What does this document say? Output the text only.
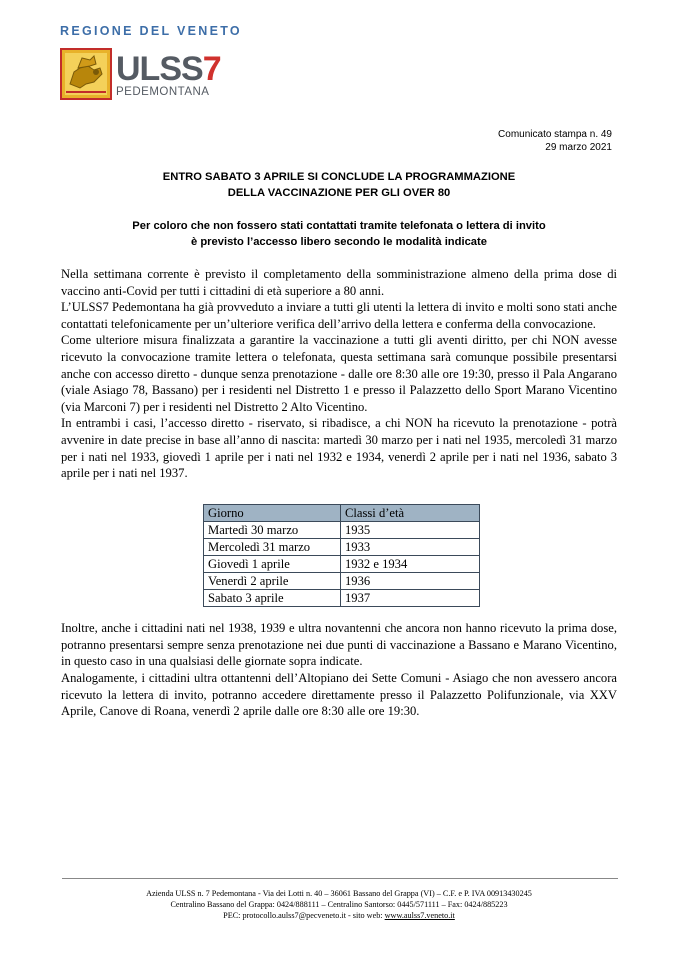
REGIONE DEL VENETO
ULSS7
PEDEMONTANA
Comunicato stampa n. 49
29 marzo 2021
ENTRO SABATO 3 APRILE SI CONCLUDE LA PROGRAMMAZIONE
DELLA VACCINAZIONE PER GLI OVER 80
Per coloro che non fossero stati contattati tramite telefonata o lettera di invito
è previsto l’accesso libero secondo le modalità indicate

Nella settimana corrente è previsto il completamento della somministrazione almeno della prima dose di vaccino anti-Covid per tutti i cittadini di età superiore a 80 anni.

L’ULSS7 Pedemontana ha già provveduto a inviare a tutti gli utenti la lettera di invito e molti sono stati anche contattati telefonicamente per un’ulteriore verifica dell’arrivo della lettera e conferma della convocazione.

Come ulteriore misura finalizzata a garantire la vaccinazione a tutti gli aventi diritto, per chi NON avesse ricevuto la convocazione tramite lettera o telefonata, questa settimana sarà comunque possibile presentarsi anche con accesso diretto - dunque senza prenotazione - dalle ore 8:30 alle ore 19:30, presso il Pala Angarano (viale Asiago 78, Bassano) per i residenti nel Distretto 1 e presso il Palazzetto dello Sport Marano Vicentino (via Marconi 7) per i residenti nel Distretto 2 Alto Vicentino.

In entrambi i casi, l’accesso diretto - riservato, si ribadisce, a chi NON ha ricevuto la prenotazione - potrà avvenire in date precise in base all’anno di nascita: martedì 30 marzo per i nati nel 1935, mercoledì 31 marzo per i nati nel 1933, giovedì 1 aprile per i nati nel 1932 e 1934, venerdì 2 aprile per i nati nel 1936, sabato 3 aprile per i nati nel 1937.

Giorno	Classi d’età
Martedì 30 marzo	1935
Mercoledì 31 marzo	1933
Giovedì 1 aprile	1932 e 1934
Venerdì 2 aprile	1936
Sabato 3 aprile	1937

Inoltre, anche i cittadini nati nel 1938, 1939 e ultra novantenni che ancora non hanno ricevuto la prima dose, potranno presentarsi sempre senza prenotazione nei due punti di vaccinazione a Bassano e Marano Vicentino, in questo caso in una qualsiasi delle giornate sopra indicate.

Analogamente, i cittadini ultra ottantenni dell’Altopiano dei Sette Comuni - Asiago che non avessero ancora ricevuto la lettera di invito, potranno accedere direttamente presso il Palazzetto Polifunzionale, via XXV Aprile, Canove di Roana, venerdì 2 aprile dalle ore 8:30 alle ore 19:30.

Azienda ULSS n. 7 Pedemontana - Via dei Lotti n. 40 – 36061 Bassano del Grappa (VI) – C.F. e P. IVA 00913430245
Centralino Bassano del Grappa: 0424/888111 – Centralino Santorso: 0445/571111 – Fax: 0424/885223
PEC: protocollo.aulss7@pecveneto.it - sito web: www.aulss7.veneto.it
